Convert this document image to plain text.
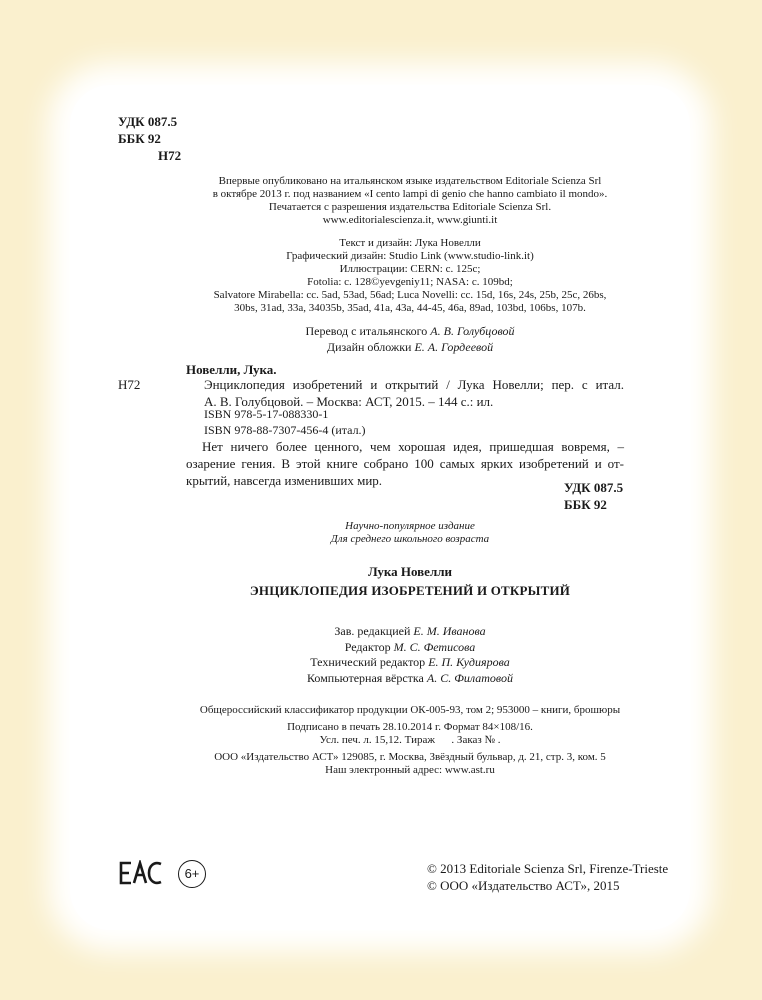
УДК 087.5
ББК 92
Н72
Впервые опубликовано на итальянском языке издательством Editoriale Scienza Srl
в октябре 2013 г. под названием «I cento lampi di genio che hanno cambiato il mondo».
Печатается с разрешения издательства Editoriale Scienza Srl.
www.editorialescienza.it, www.giunti.it
Текст и дизайн: Лука Новелли
Графический дизайн: Studio Link (www.studio-link.it)
Иллюстрации: CERN: с. 125с;
Fotolia: с. 128©yevgeniy11; NASA: с. 109bd;
Salvatore Mirabella: cc. 5ad, 53ad, 56ad; Luca Novelli: cc. 15d, 16s, 24s, 25b, 25c, 26bs,
30bs, 31ad, 33a, 34035b, 35ad, 41a, 43a, 44-45, 46a, 89ad, 103bd, 106bs, 107b.
Перевод с итальянского А. В. Голубцовой
Дизайн обложки Е. А. Гордеевой
Новелли, Лука.
Н72	Энциклопедия изобретений и открытий / Лука Новелли; пер. с итал.
А. В. Голубцовой. – Москва: АСТ, 2015. – 144 с.: ил.
ISBN 978-5-17-088330-1
ISBN 978-88-7307-456-4 (итал.)
Нет ничего более ценного, чем хорошая идея, пришедшая вовремя, –
озарение гения. В этой книге собрано 100 самых ярких изобретений и от-
крытий, навсегда изменивших мир.	УДК 087.5
ББК 92
Научно-популярное издание
Для среднего школьного возраста
Лука Новелли
ЭНЦИКЛОПЕДИЯ ИЗОБРЕТЕНИЙ И ОТКРЫТИЙ
Зав. редакцией Е. М. Иванова
Редактор М. С. Фетисова
Технический редактор Е. П. Кудиярова
Компьютерная вёрстка А. С. Филатовой
Общероссийский классификатор продукции ОК-005-93, том 2; 953000 – книги, брошюры
Подписано в печать 28.10.2014 г. Формат 84×108/16.
Усл. печ. л. 15,12. Тираж      . Заказ № .
ООО «Издательство АСТ» 129085, г. Москва, Звёздный бульвар, д. 21, стр. 3, ком. 5
Наш электронный адрес: www.ast.ru
6+	© 2013 Editoriale Scienza Srl, Firenze-Trieste
© ООО «Издательство АСТ», 2015
